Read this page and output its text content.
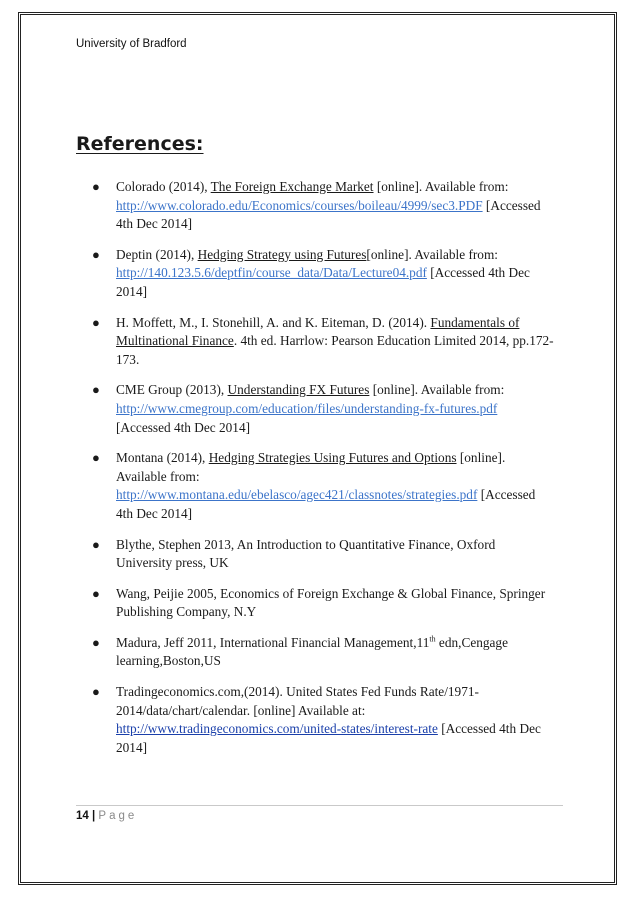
University of Bradford
References:
● Colorado (2014), The Foreign Exchange Market [online]. Available from: http://www.colorado.edu/Economics/courses/boileau/4999/sec3.PDF [Accessed 4th Dec 2014]
● Deptin (2014), Hedging Strategy using Futures[online]. Available from: http://140.123.5.6/deptfin/course_data/Data/Lecture04.pdf [Accessed 4th Dec 2014]
● H. Moffett, M., I. Stonehill, A. and K. Eiteman, D. (2014). Fundamentals of Multinational Finance. 4th ed. Harrlow: Pearson Education Limited 2014, pp.172-173.
● CME Group (2013), Understanding FX Futures [online]. Available from: http://www.cmegroup.com/education/files/understanding-fx-futures.pdf [Accessed 4th Dec 2014]
● Montana (2014), Hedging Strategies Using Futures and Options [online]. Available from: http://www.montana.edu/ebelasco/agec421/classnotes/strategies.pdf [Accessed 4th Dec 2014]
● Blythe, Stephen 2013, An Introduction to Quantitative Finance, Oxford University press, UK
● Wang, Peijie 2005, Economics of Foreign Exchange & Global Finance, Springer Publishing Company, N.Y
● Madura, Jeff 2011, International Financial Management,11th edn,Cengage learning,Boston,US
● Tradingeconomics.com,(2014). United States Fed Funds Rate/1971-2014/data/chart/calendar. [online] Available at: http://www.tradingeconomics.com/united-states/interest-rate [Accessed 4th Dec 2014]
14 | Page
